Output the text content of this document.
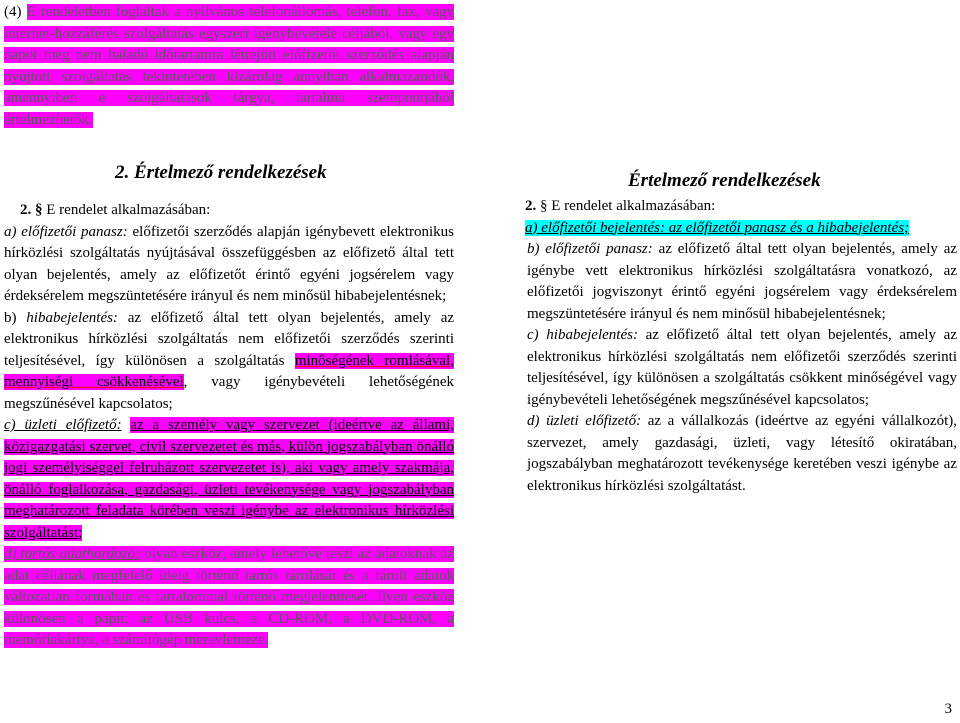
(4) E rendeletben foglaltak a nyilvános telefonállomás, telefon, fax, vagy internet-hozzáférés szolgáltatás egyszeri igénybevétele céljából, vagy egy napot meg nem haladó időtartamra létrejött előfizetői szerződés alapján nyújtott szolgáltatás tekintetében kizárólag annyiban alkalmazandók, amennyiben e szolgáltatások tárgya, tartalma szempontjából értelmezhetők.

2. Értelmező rendelkezések

2. § E rendelet alkalmazásában:

a) előfizetői panasz: előfizetői szerződés alapján igénybevett elektronikus hírközlési szolgáltatás nyújtásával összefüggésben az előfizető által tett olyan bejelentés, amely az előfizetőt érintő egyéni jogsérelem vagy érdeksérelem megszüntetésére irányul és nem minősül hibabejelentésnek;

b) hibabejelentés: az előfizető által tett olyan bejelentés, amely az elektronikus hírközlési szolgáltatás nem előfizetői szerződés szerinti teljesítésével, így különösen a szolgáltatás minőségének romlásával, mennyiségi csökkenésével, vagy igénybevételi lehetőségének megszűnésével kapcsolatos;

c) üzleti előfizető: az a személy vagy szervezet (ideértve az állami, közigazgatási szervet, civil szervezetet és más, külön jogszabályban önálló jogi személyiséggel felruházott szervezetet is), aki vagy amely szakmája, önálló foglalkozása, gazdasági, üzleti tevékenysége vagy jogszabályban meghatározott feladata körében veszi igénybe az elektronikus hírközlési szolgáltatást;

d) tartós adathordozó: olyan eszköz, amely lehetővé teszi az adatoknak az adat céljának megfelelő ideig történő tartós tárolását és a tárolt adatok változatlan formában és tartalommal történő megjelenítését. Ilyen eszköz különösen a papír, az USB kulcs, a CD-ROM, a DVD-ROM, a memóriakártya, a számítógép merevlemeze.

Értelmező rendelkezések

2. § E rendelet alkalmazásában:

a) előfizetői bejelentés: az előfizetői panasz és a hibabejelentés;

b) előfizetői panasz: az előfizető által tett olyan bejelentés, amely az igénybe vett elektronikus hírközlési szolgáltatásra vonatkozó, az előfizetői jogviszonyt érintő egyéni jogsérelem vagy érdeksérelem megszüntetésére irányul és nem minősül hibabejelentésnek;

c) hibabejelentés: az előfizető által tett olyan bejelentés, amely az elektronikus hírközlési szolgáltatás nem előfizetői szerződés szerinti teljesítésével, így különösen a szolgáltatás csökkent minőségével vagy igénybevételi lehetőségének megszűnésével kapcsolatos;

d) üzleti előfizető: az a vállalkozás (ideértve az egyéni vállalkozót), szervezet, amely gazdasági, üzleti, vagy létesítő okiratában, jogszabályban meghatározott tevékenysége keretében veszi igénybe az elektronikus hírközlési szolgáltatást.

3
